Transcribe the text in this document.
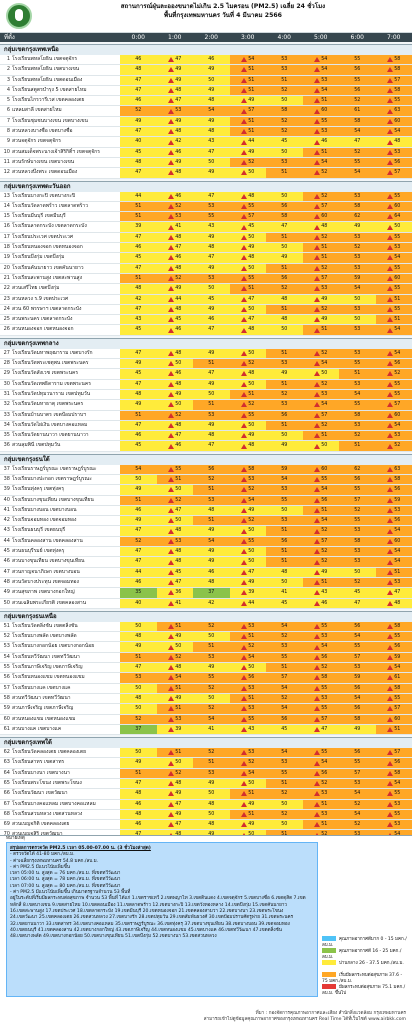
สถานการณ์ฝุ่นละอองขนาดไม่เกิน 2.5 ไมครอน (PM2.5) เฉลี่ย 24 ชั่วโมง
พื้นที่กรุงเทพมหานคร วันที่ 4 มีนาคม 2566
ที่ตั้ง	0:00	1:00	2:00	3:00	4:00	5:00	6:00	7:00
กลุ่มเขตกรุงเทพเหนือ
1 โรงเรียนพหลโยธิน เขตจตุจักร	46	47	46	54	53	54	55	58
2 โรงเรียนพหลโยธิน เขตบางเขน	48	49	49	51	53	54	56	58
3 โรงเรียนพหลโยธิน เขตดอนเมือง	47	49	50	51	51	53	55	57
4 โรงเรียนสตูตรบำรุง 5 เขตสายไหม	47	48	49	51	52	54	56	58
5 โรงเรียนไกรวารีเวส เขตคลองเตย	46	47	48	49	50	51	52	55
6 แหลมสาลี เขตสายไหม	52	53	54	57	58	60	61	63
7 โรงเรียนชุมชนบางเขน เขตบางเขน	49	49	49	51	52	55	58	60
8 สวนหลวงบางซื่อ เขตบางซื่อ	47	48	48	51	52	53	54	54
9 สวนจตุจักร เขตจตุจักร	40	42	43	44	45	46	47	48
10 สวนสมเด็จพระนางเจ้าสิริกิติ์ฯ เขตจตุจักร	45	46	47	49	50	51	52	53
11 สวนรักษ์บางเขน เขตบางเขน	48	49	50	52	53	54	55	56
12 สวนหลวงบึงพระ เขตดอนเมือง	47	48	49	50	51	52	54	57
กลุ่มเขตกรุงเทพตะวันออก
13 โรงเรียนบางกะปิ เขตบางกะปิ	44	46	47	48	50	52	53	55
14 โรงเรียนวัดลาดพร้าว เขตลาดพร้าว	51	52	53	55	56	57	58	60
15 โรงเรียนมีนบุรี เขตมีนบุรี	51	53	55	57	58	60	62	64
16 โรงเรียนลาดกระบัง เขตลาดกระบัง	39	41	43	45	47	48	49	50
17 โรงเรียนประเวศ เขตประเวศ	47	48	49	50	51	52	53	55
18 โรงเรียนหนองจอก เขตหนองจอก	46	47	48	49	50	51	52	53
19 โรงเรียนบึงกุ่ม เขตบึงกุ่ม	45	46	47	48	49	51	53	54
20 โรงเรียนคันนายาว เขตคันนายาว	47	48	49	50	51	52	53	55
21 โรงเรียนสะพานสูง เขตสะพานสูง	51	52	53	55	56	57	59	60
22 สวนเสรีไทย เขตบึงกุ่ม	48	49	50	51	52	53	54	55
23 สวนหลวง ร.9 เขตประเวศ	42	44	45	47	48	49	50	51
24 สวน 60 พรรษาฯ เขตลาดกระบัง	47	48	49	50	51	52	53	55
25 สวนพระนคร เขตลาดกระบัง	43	45	46	47	48	49	50	51
26 สวนหนองจอก เขตหนองจอก	45	46	47	48	50	51	53	54
กลุ่มเขตกรุงเทพกลาง
27 โรงเรียนวัดมหาพฤฒาราม เขตบางรัก	47	48	49	50	51	52	53	54
28 โรงเรียนวัดพระเชตุพน เขตพระนคร	49	50	51	52	53	54	55	56
29 โรงเรียนวัดสังเวช เขตพระนคร	45	46	47	48	49	50	51	52
30 โรงเรียนวัดเทพธิดาราม เขตพระนคร	47	48	49	50	51	52	53	55
31 โรงเรียนวัดปทุมวนาราม เขตปทุมวัน	48	49	50	51	52	53	54	55
32 โรงเรียนวัดมหาธาตุ เขตพระนคร	49	50	51	52	53	54	55	57
33 โรงเรียนบ้านบาตร เขตป้อมปราบฯ	51	52	53	55	56	57	58	60
34 โรงเรียนวัดไผ่เงิน เขตบางคอแหลม	47	48	49	50	51	52	53	54
35 โรงเรียนวัดยานนาวา เขตยานนาวา	46	47	48	49	50	51	52	53
36 สวนลุมพินี เขตปทุมวัน	45	46	47	48	49	50	51	52
กลุ่มเขตกรุงธนใต้
37 โรงเรียนราษฎร์บูรณะ เขตราษฎร์บูรณะ	54	55	56	58	59	60	62	63
38 โรงเรียนบางปะกอก เขตราษฎร์บูรณะ	50	51	52	53	54	55	56	58
39 โรงเรียนทุ่งครุ เขตทุ่งครุ	49	50	51	52	53	54	55	56
40 โรงเรียนบางขุนเทียน เขตบางขุนเทียน	51	52	53	54	55	56	57	59
41 โรงเรียนบางบอน เขตบางบอน	46	47	48	49	50	51	52	53
42 โรงเรียนจอมทอง เขตจอมทอง	49	50	51	52	53	54	55	56
43 โรงเรียนธนบุรี เขตธนบุรี	47	48	49	50	51	52	53	54
44 โรงเรียนคลองสาน เขตคลองสาน	52	53	54	55	56	57	58	60
45 สวนธนบุรีรมย์ เขตทุ่งครุ	47	48	49	50	51	52	53	54
46 สวนบางขุนเทียน เขตบางขุนเทียน	47	48	49	50	51	52	53	54
47 สวนกาญจนาภิเษก เขตบางบอน	44	45	46	47	48	49	50	51
48 สวนวัดบางประทุน เขตจอมทอง	46	47	48	49	50	51	52	53
49 สวนสุขภาพ เขตบางกอกใหญ่	35	36	37	39	41	43	45	47
50 สวนเฉลิมพระเกียรติ เขตคลองสาน	40	41	42	44	45	46	47	48
กลุ่มเขตกรุงธนเหนือ
51 โรงเรียนวัดตลิ่งชัน เขตตลิ่งชัน	50	51	52	53	54	55	56	58
52 โรงเรียนบางพลัด เขตบางพลัด	48	49	50	51	52	53	54	55
53 โรงเรียนบางกอกน้อย เขตบางกอกน้อย	49	50	51	52	53	54	55	56
54 โรงเรียนทวีวัฒนา เขตทวีวัฒนา	51	52	53	54	55	56	57	59
55 โรงเรียนภาษีเจริญ เขตภาษีเจริญ	47	48	49	50	51	52	53	54
56 โรงเรียนหนองแขม เขตหนองแขม	53	54	55	56	57	58	59	61
57 โรงเรียนบางแค เขตบางแค	50	51	52	53	54	55	56	58
58 สวนทวีวัฒนา เขตทวีวัฒนา	48	49	50	51	52	53	54	55
59 สวนภาษีเจริญ เขตภาษีเจริญ	50	51	52	53	54	55	56	57
60 สวนหนองแขม เขตหนองแขม	52	53	54	55	56	57	58	60
61 สวนบางแค เขตบางแค	37	39	41	43	45	47	49	51
กลุ่มเขตกรุงเทพใต้
62 โรงเรียนวัดคลองเตย เขตคลองเตย	50	51	52	53	54	55	56	57
63 โรงเรียนสาทร เขตสาทร	49	50	51	52	53	54	55	56
64 โรงเรียนบางนา เขตบางนา	51	52	53	54	55	56	57	58
65 โรงเรียนพระโขนง เขตพระโขนง	47	48	49	50	51	52	53	54
66 โรงเรียนวัฒนา เขตวัฒนา	48	49	50	51	52	53	54	55
67 โรงเรียนบางคอแหลม เขตบางคอแหลม	46	47	48	49	50	51	52	53
68 โรงเรียนสวนหลวง เขตสวนหลวง	48	49	50	51	52	53	54	55
69 สวนเบญจกิติ เขตคลองเตย	46	47	48	49	50	51	52	53
หมายเหตุ
สรุปผลการตรวจวัด PM2.5 เวลา 05.00-07.00 น. (3 ชั่วโมงล่าสุด)
- ตรวจวัดได้ 41-80 มคก./ลบ.ม.
- ค่าเฉลี่ยกรุงเทพมหานคร 54.8 มคก./ลบ.ม.
- ค่า PM2.5 มีแนวโน้มเพิ่มขึ้น
เวลา 05:00 น. สูงสุด = 76 มคก./ลบ.ม. ที่เขตทวีวัฒนา
เวลา 06:00 น. สูงสุด = 78 มคก./ลบ.ม. ที่เขตทวีวัฒนา
เวลา 07:00 น. สูงสุด = 80 มคก./ลบ.ม. ที่เขตทวีวัฒนา
- ค่า PM2.5 มีแนวโน้มเพิ่มขึ้น เกินมาตรฐานจำนวน 53 พื้นที่
อยู่ในระดับที่เริ่มมีผลกระทบต่อสุขภาพ จำนวน 53 พื้นที่ ได้แก่ 1.เขตราชเทวี 2.เขตพญาไท 3.เขตดินแดง 4.เขตจตุจักร 5.เขตบางซื่อ 6.เขตดุสิต 7.เขต
หลักสี่ 8.เขตบางเขน 9.เขตสายไหม 10.เขตดอนเมือง 11.เขตลาดพร้าว 12.เขตบางกะปิ 13.เขตวังทองหลาง 14.เขตบึงกุ่ม 15.เขตคันนายาว
16.เขตสะพานสูง 17.เขตประเวศ 18.เขตลาดกระบัง 19.เขตมีนบุรี 20.เขตหนองจอก 21.เขตคลองสามวา 22.เขตบางนา 23.เขตพระโขนง
24.เขตวัฒนา 25.เขตคลองเตย 26.เขตสวนหลวง 27.เขตบางรัก 28.เขตปทุมวัน 29.เขตสัมพันธวงศ์ 30.เขตป้อมปราบศัตรูพ่าย 31.เขตพระนคร
32.เขตยานนาวา 33.เขตสาทร 34.เขตบางคอแหลม 35.เขตราษฎร์บูรณะ 36.เขตทุ่งครุ 37.เขตบางขุนเทียน 38.เขตบางบอน 39.เขตจอมทอง
40.เขตธนบุรี 41.เขตคลองสาน 42.เขตบางกอกใหญ่ 43.เขตภาษีเจริญ 44.เขตหนองแขม 45.เขตบางแค 46.เขตทวีวัฒนา 47.เขตตลิ่งชัน
48.เขตบางพลัด 49.เขตบางกอกน้อย 50.เขตบางขุนเทียน 51.เขตบึงกุ่ม 52.เขตบางนา 53.เขตสวนหลวง
คุณภาพอากาศดีมาก 0 - 15 มคก./ลบ.ม.
คุณภาพอากาศดี 16 - 25 มคก./ลบ.ม.
ปานกลาง 26 - 37.5 มคก./ลบ.ม.
เริ่มมีผลกระทบต่อสุขภาพ 37.6 - 75 มคก./ลบ.ม.
มีผลกระทบต่อสุขภาพ 75.1 มคก./ลบ.ม. ขึ้นไป
ที่มา : กองจัดการคุณภาพอากาศและเสียง สำนักสิ่งแวดล้อม กรุงเทพมหานคร
สามารถเข้าไปดูข้อมูลคุณภาพอากาศของกรุงเทพมหานคร Real Time ได้ที่เว็บไซต์ www.airbkk.com
